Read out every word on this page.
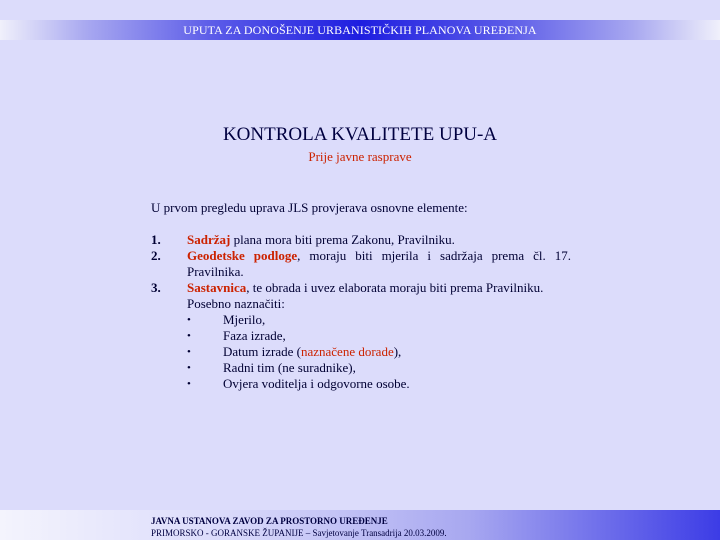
UPUTA ZA DONOŠENJE URBANISTIČKIH PLANOVA UREĐENJA
KONTROLA KVALITETE UPU-A
Prije javne rasprave
U prvom pregledu uprava JLS provjerava osnovne elemente:
1. Sadržaj plana mora biti prema Zakonu, Pravilniku.
2. Geodetske podloge, moraju biti mjerila i sadržaja prema čl. 17. Pravilnika.
3. Sastavnica, te obrada i uvez elaborata moraju biti prema Pravilniku.
Posebno naznačiti:
• Mjerilo,
• Faza izrade,
• Datum izrade (naznačene dorade),
• Radni tim (ne suradnike),
• Ovjera voditelja i odgovorne osobe.
JAVNA USTANOVA ZAVOD ZA PROSTORNO UREĐENJE
PRIMORSKO - GORANSKE ŽUPANIJE – Savjetovanje Transadrija 20.03.2009.
